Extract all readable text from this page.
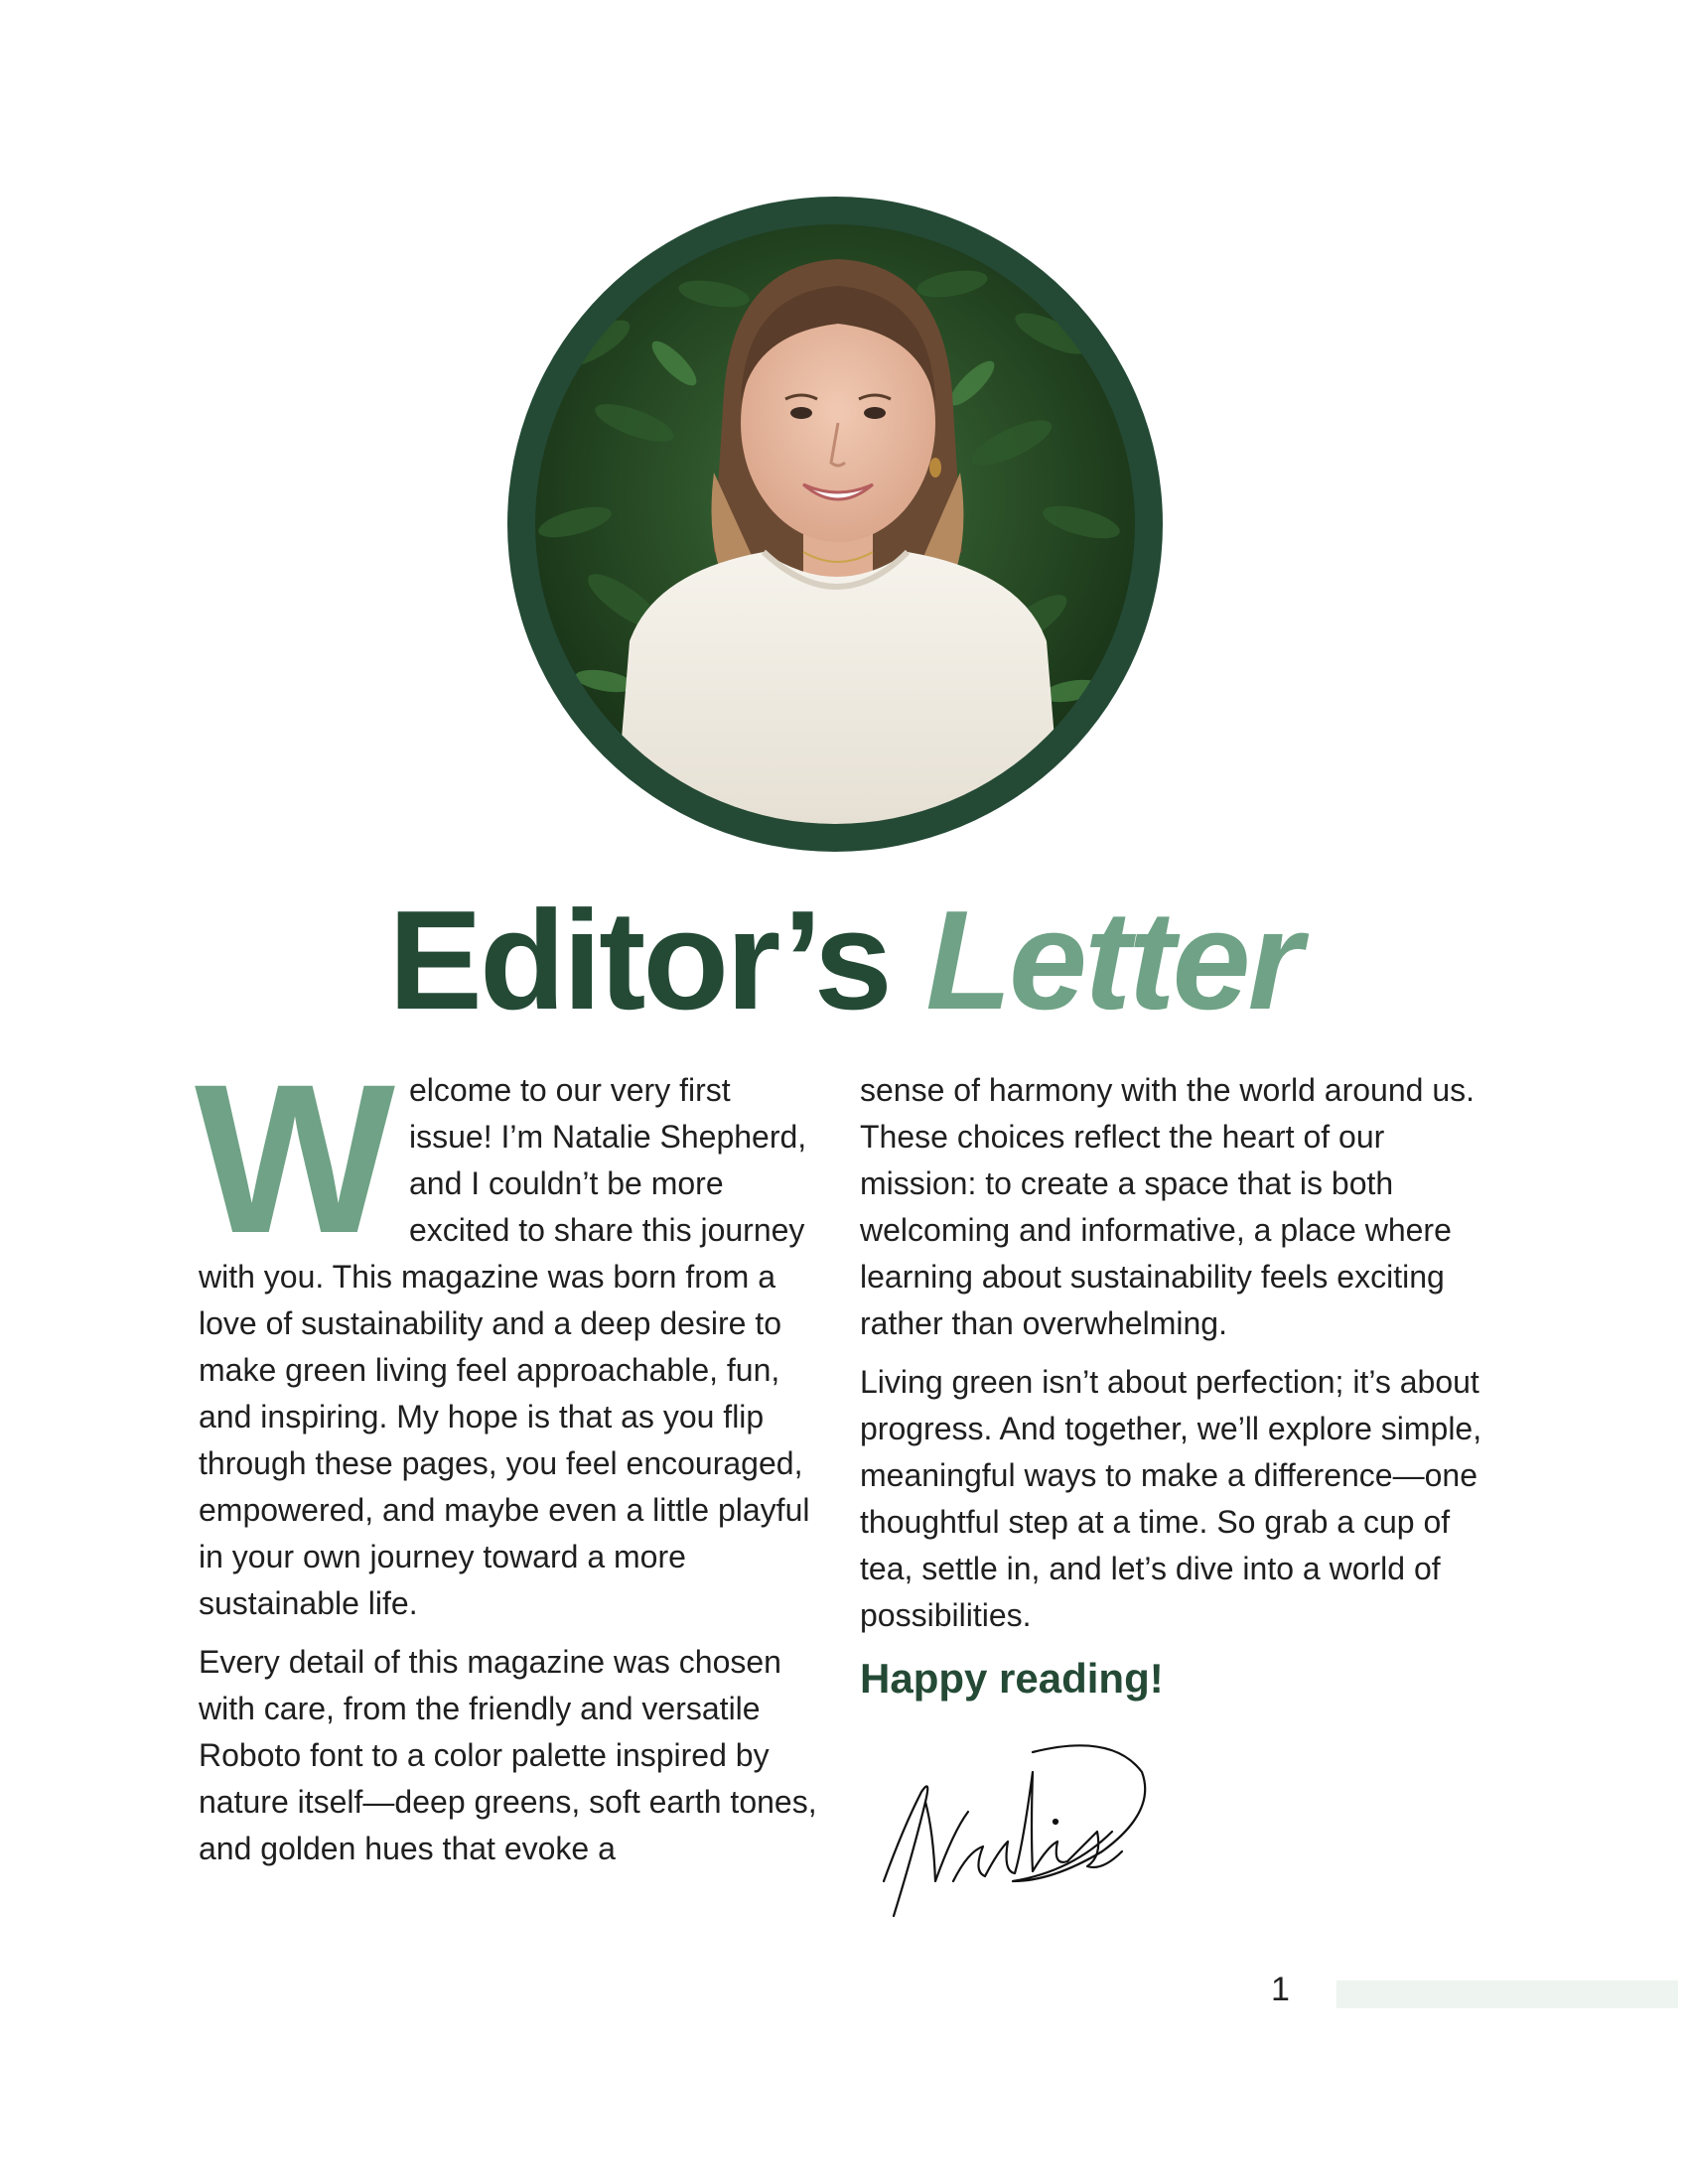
Editor’s Letter

Welcome to our very first issue! I’m Natalie Shepherd, and I couldn’t be more excited to share this journey with you. This magazine was born from a love of sustainability and a deep desire to make green living feel approachable, fun, and inspiring. My hope is that as you flip through these pages, you feel encouraged, empowered, and maybe even a little playful in your own journey toward a more sustainable life.

Every detail of this magazine was chosen with care, from the friendly and versatile Roboto font to a color palette inspired by nature itself—deep greens, soft earth tones, and golden hues that evoke a

sense of harmony with the world around us. These choices reflect the heart of our mission: to create a space that is both welcoming and informative, a place where learning about sustainability feels exciting rather than overwhelming.

Living green isn’t about perfection; it’s about progress. And together, we’ll explore simple, meaningful ways to make a difference—one thoughtful step at a time. So grab a cup of tea, settle in, and let’s dive into a world of possibilities.

Happy reading!

1
